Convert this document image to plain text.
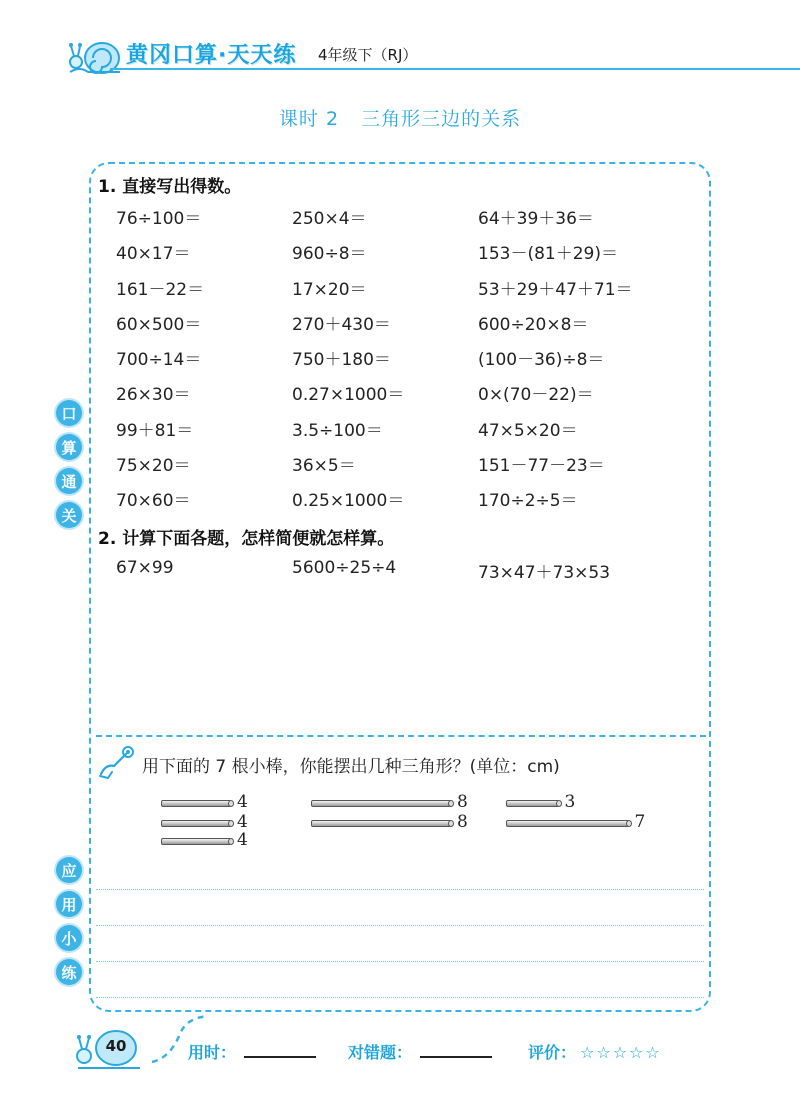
黄冈口算·天天练 4年级下（RJ）
课时 2 三角形三边的关系
口
算
通
关
应
用
小
练
1. 直接写出得数。
76÷100＝	250×4＝	64＋39＋36＝
40×17＝	960÷8＝	153－(81＋29)＝
161－22＝	17×20＝	53＋29＋47＋71＝
60×500＝	270＋430＝	600÷20×8＝
700÷14＝	750＋180＝	(100－36)÷8＝
26×30＝	0.27×1000＝	0×(70－22)＝
99＋81＝	3.5÷100＝	47×5×20＝
75×20＝	36×5＝	151－77－23＝
70×60＝	0.25×1000＝	170÷2÷5＝
2. 计算下面各题，怎样简便就怎样算。
67×99	5600÷25÷4	73×47＋73×53
用下面的 7 根小棒，你能摆出几种三角形？(单位：cm)
4
4
4
8
8
3
7
40	用时：	对错题：	评价： ☆☆☆☆☆
